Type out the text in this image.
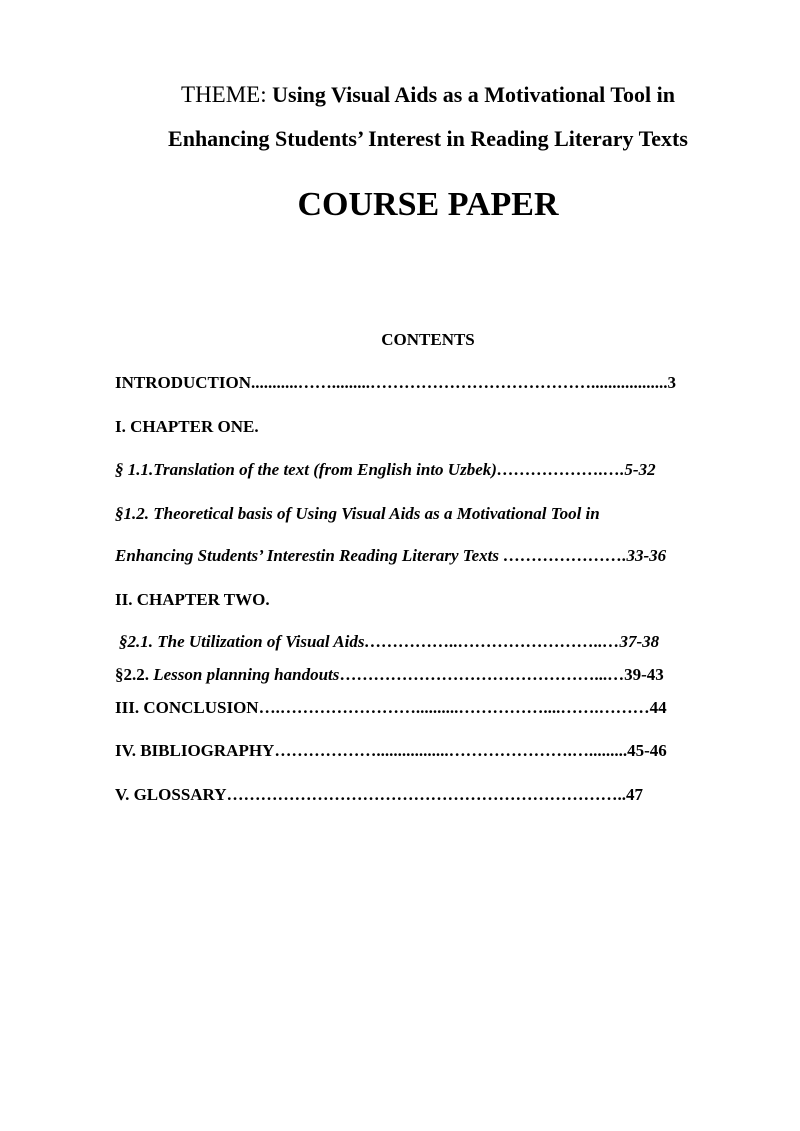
THEME: Using Visual Aids as a Motivational Tool in
Enhancing Students’ Interest in Reading Literary Texts
COURSE PAPER
CONTENTS
INTRODUCTION...........…….........…………………………………..................3
I. CHAPTER ONE.
§ 1.1.Translation of the text (from English into Uzbek)……………….….5-32
§1.2. Theoretical basis of Using Visual Aids as a Motivational Tool in
Enhancing Students’ Interestin Reading Literary Texts ………………….33-36
II. CHAPTER TWO.
§2.1. The Utilization of Visual Aids……………..……………………..…37-38
§2.2. Lesson planning handouts………………………………………...…39-43
III. CONCLUSION….……………………..........……………....…….………44
IV. BIBLIOGRAPHY……………….................………………….….........45-46
V. GLOSSARY……………………………………………………………..47
